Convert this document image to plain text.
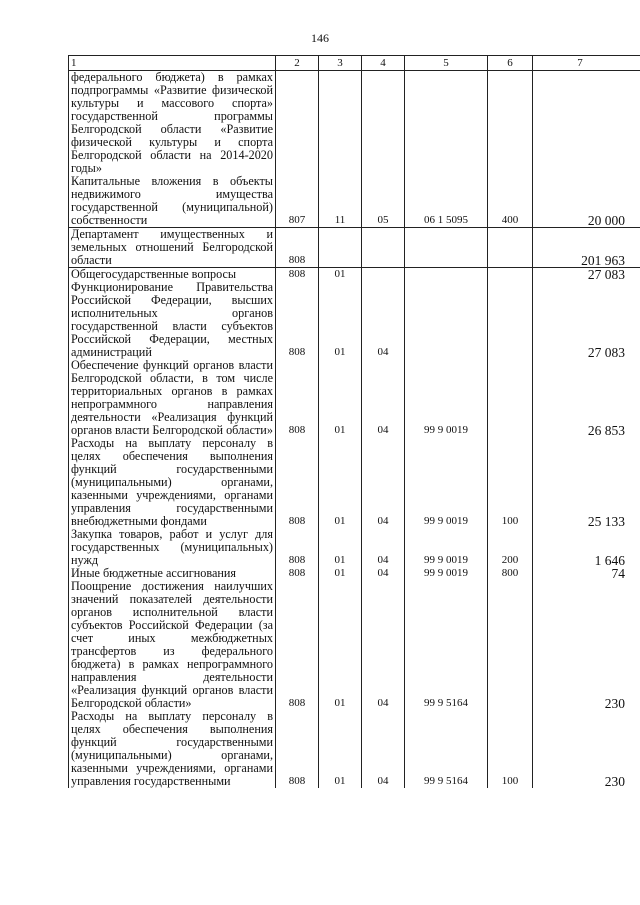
146
1	2	3	4	5	6	7
федерального бюджета) в рамках подпрограммы «Развитие физической культуры и массового спорта» государственной программы Белгородской области «Развитие физической культуры и спорта Белгородской области на 2014-2020 годы»						
Капитальные вложения в объекты недвижимого имущества государственной (муниципальной) собственности	807	11	05	06 1 5095	400	20 000
Департамент имущественных и земельных отношений Белгородской области	808					201 963
Общегосударственные вопросы	808	01				27 083
Функционирование Правительства Российской Федерации, высших исполнительных органов государственной власти субъектов Российской Федерации, местных администраций	808	01	04			27 083
Обеспечение функций органов власти Белгородской области, в том числе территориальных органов в рамках непрограммного направления деятельности «Реализация функций органов власти Белгородской области»	808	01	04	99 9 0019		26 853
Расходы на выплату персоналу в целях обеспечения выполнения функций государственными (муниципальными) органами, казенными учреждениями, органами управления государственными внебюджетными фондами	808	01	04	99 9 0019	100	25 133
Закупка товаров, работ и услуг для государственных (муниципальных) нужд	808	01	04	99 9 0019	200	1 646
Иные бюджетные ассигнования	808	01	04	99 9 0019	800	74
Поощрение достижения наилучших значений показателей деятельности органов исполнительной власти субъектов Российской Федерации (за счет иных межбюджетных трансфертов из федерального бюджета) в рамках непрограммного направления деятельности «Реализация функций органов власти Белгородской области»	808	01	04	99 9 5164		230
Расходы на выплату персоналу в целях обеспечения выполнения функций государственными (муниципальными) органами, казенными учреждениями, органами управления государственными	808	01	04	99 9 5164	100	230
